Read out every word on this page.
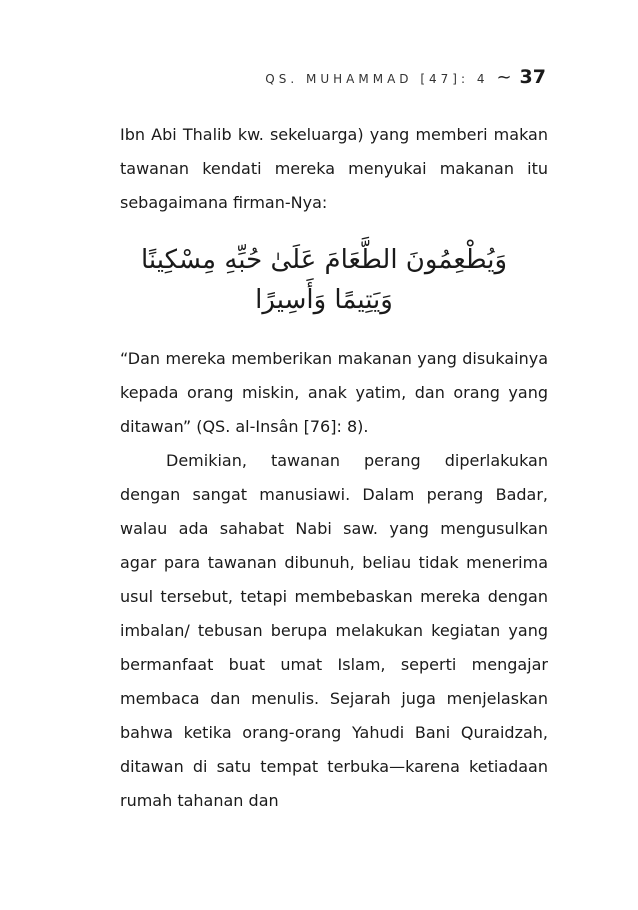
QS. MUHAMMAD [47]: 4 ~ 37

Ibn Abi Thalib kw. sekeluarga) yang memberi makan tawanan kendati mereka menyukai makanan itu sebagaimana firman-Nya:

وَيُطْعِمُونَ الطَّعَامَ عَلَىٰ حُبِّهِ مِسْكِينًا وَيَتِيمًا وَأَسِيرًا

“Dan mereka memberikan makanan yang disukainya kepada orang miskin, anak yatim, dan orang yang ditawan” (QS. al-Insân [76]: 8).

Demikian, tawanan perang diperlakukan dengan sangat manusiawi. Dalam perang Badar, walau ada sahabat Nabi saw. yang mengusulkan agar para tawanan dibunuh, beliau tidak menerima usul tersebut, tetapi membebaskan mereka dengan imbalan/ tebusan berupa melakukan kegiatan yang bermanfaat buat umat Islam, seperti mengajar membaca dan menulis. Sejarah juga menjelaskan bahwa ketika orang-orang Yahudi Bani Quraidzah, ditawan di satu tempat terbuka—karena ketiadaan rumah tahanan dan
